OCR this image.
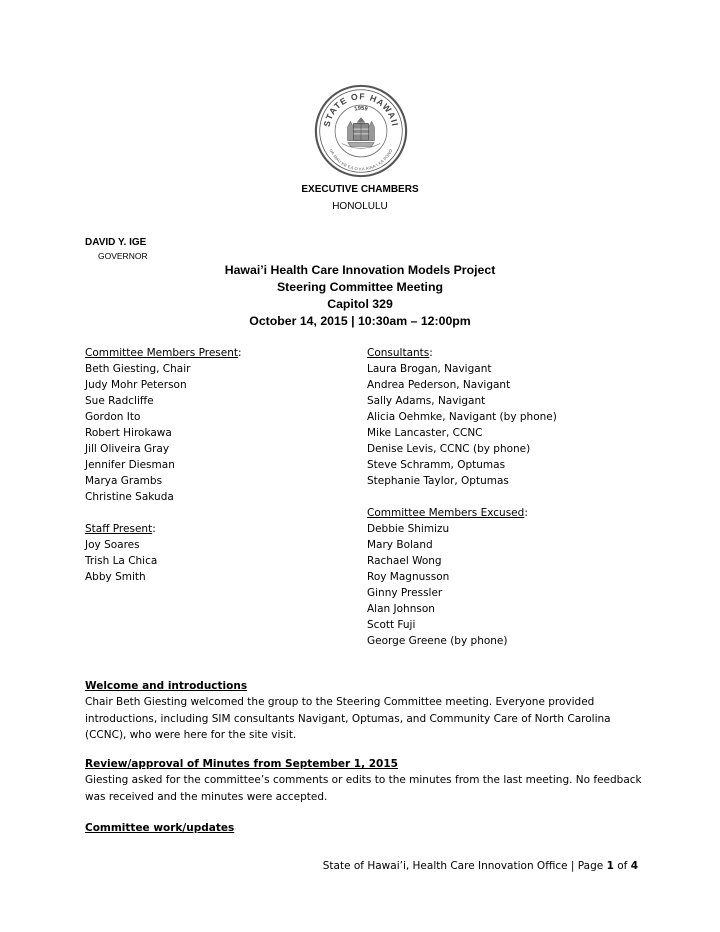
STATE OF HAWAII
UA MAU KE EA O KA AINA I KA PONO
1959
EXECUTIVE CHAMBERS
HONOLULU
DAVID Y. IGE
GOVERNOR
Hawai’i Health Care Innovation Models Project
Steering Committee Meeting
Capitol 329
October 14, 2015 | 10:30am – 12:00pm
Committee Members Present:
Beth Giesting, Chair
Judy Mohr Peterson
Sue Radcliffe
Gordon Ito
Robert Hirokawa
Jill Oliveira Gray
Jennifer Diesman
Marya Grambs
Christine Sakuda
Staff Present:
Joy Soares
Trish La Chica
Abby Smith
Consultants:
Laura Brogan, Navigant
Andrea Pederson, Navigant
Sally Adams, Navigant
Alicia Oehmke, Navigant (by phone)
Mike Lancaster, CCNC
Denise Levis, CCNC (by phone)
Steve Schramm, Optumas
Stephanie Taylor, Optumas
Committee Members Excused:
Debbie Shimizu
Mary Boland
Rachael Wong
Roy Magnusson
Ginny Pressler
Alan Johnson
Scott Fuji
George Greene (by phone)

Welcome and introductions

Chair Beth Giesting welcomed the group to the Steering Committee meeting. Everyone provided introductions, including SIM consultants Navigant, Optumas, and Community Care of North Carolina (CCNC), who were here for the site visit.

Review/approval of Minutes from September 1, 2015

Giesting asked for the committee’s comments or edits to the minutes from the last meeting. No feedback was received and the minutes were accepted.

Committee work/updates

State of Hawai’i, Health Care Innovation Office | Page 1 of 4
